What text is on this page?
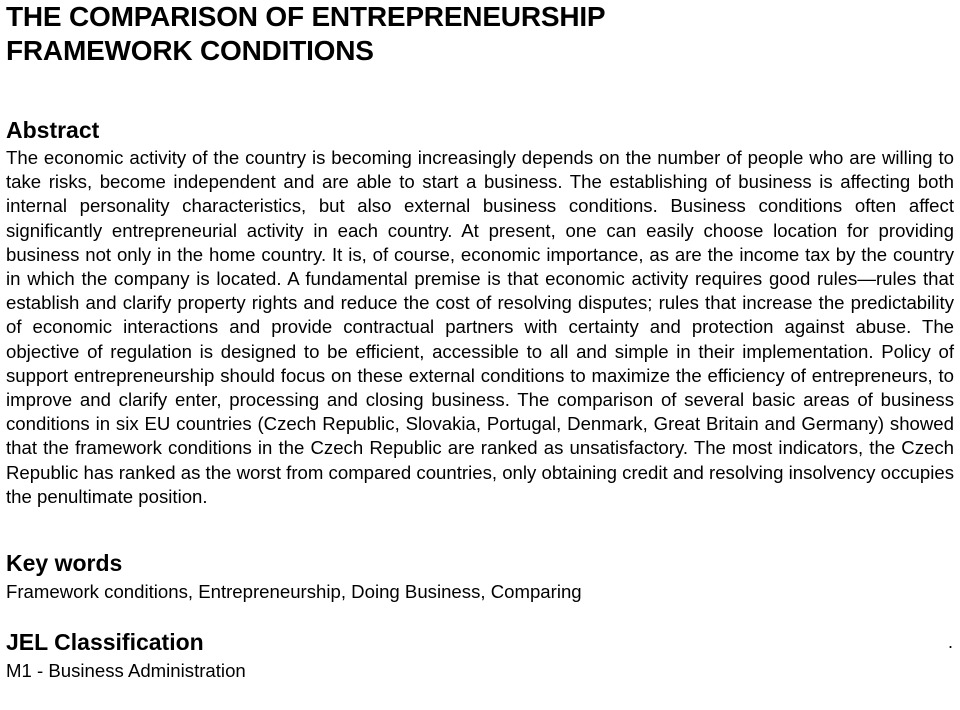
THE COMPARISON OF ENTREPRENEURSHIP
FRAMEWORK CONDITIONS
Abstract

The economic activity of the country is becoming increasingly depends on the number of people who are willing to take risks, become independent and are able to start a business. The establishing of business is affecting both internal personality characteristics, but also external business conditions. Business conditions often affect significantly entrepreneurial activity in each country. At present, one can easily choose location for providing business not only in the home country. It is, of course, economic importance, as are the income tax by the country in which the company is located. A fundamental premise is that economic activity requires good rules—rules that establish and clarify property rights and reduce the cost of resolving disputes; rules that increase the predictability of economic interactions and provide contractual partners with certainty and protection against abuse. The objective of regulation is designed to be efficient, accessible to all and simple in their implementation. Policy of support entrepreneurship should focus on these external conditions to maximize the efficiency of entrepreneurs, to improve and clarify enter, processing and closing business. The comparison of several basic areas of business conditions in six EU countries (Czech Republic, Slovakia, Portugal, Denmark, Great Britain and Germany) showed that the framework conditions in the Czech Republic are ranked as unsatisfactory. The most indicators, the Czech Republic has ranked as the worst from compared countries, only obtaining credit and resolving insolvency occupies the penultimate position.

Key words

Framework conditions, Entrepreneurship, Doing Business, Comparing

JEL Classification

M1 - Business Administration

.
